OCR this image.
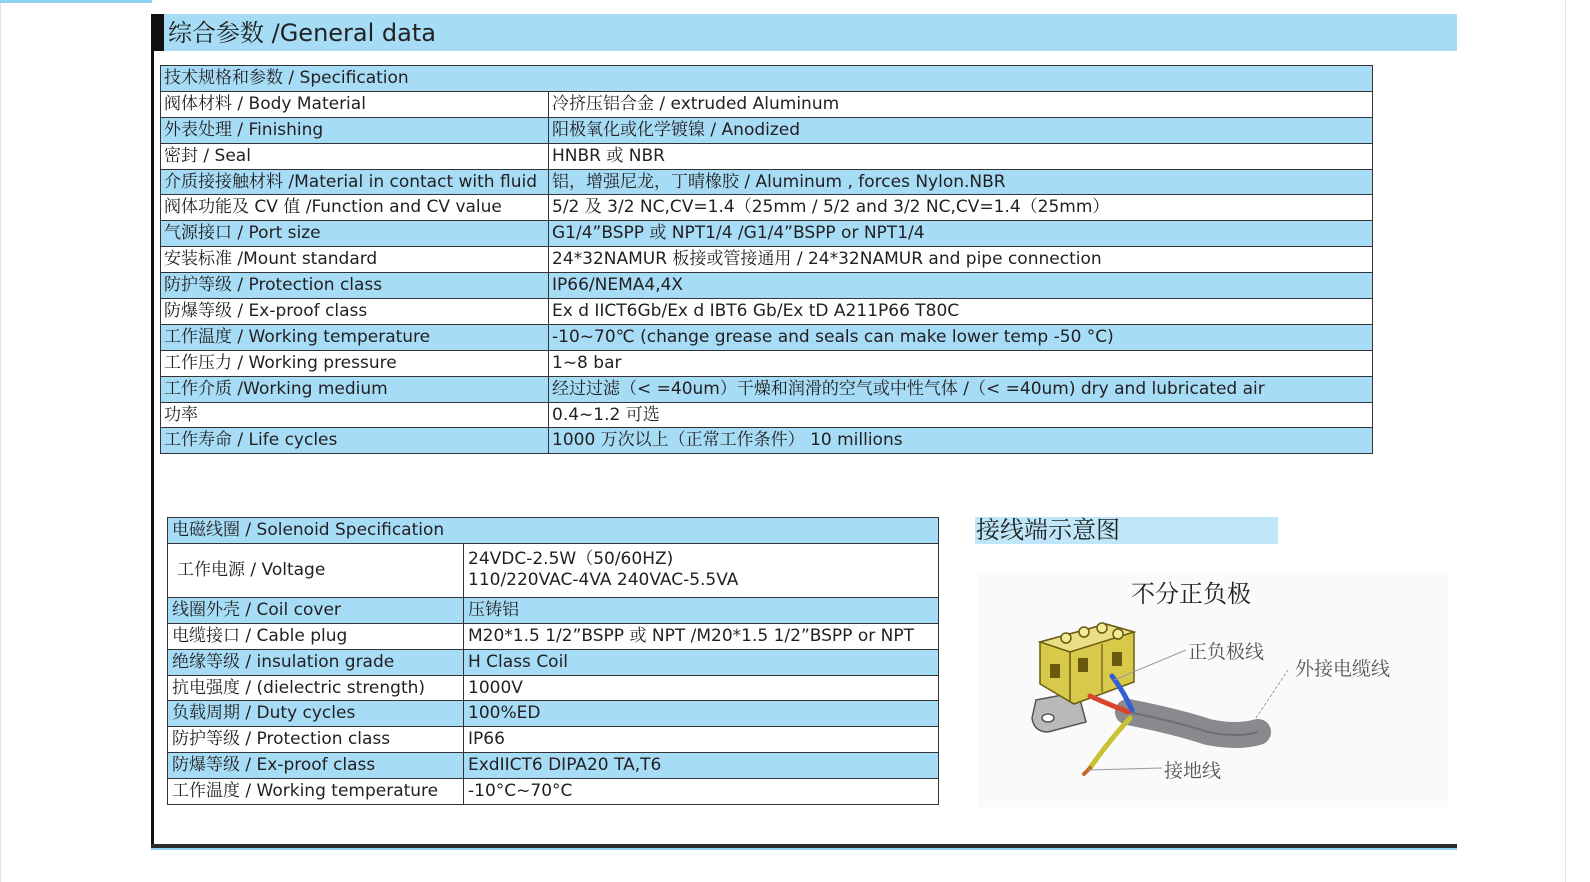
综合参数 /General data
技术规格和参数 / Specification	
阀体材料 / Body Material	冷挤压铝合金 / extruded Aluminum
外表处理 / Finishing	阳极氧化或化学镀镍 / Anodized
密封 / Seal	HNBR 或 NBR
介质接接触材料 /Material in contact with fluid	铝，增强尼龙，丁晴橡胶 / Aluminum , forces Nylon.NBR
阀体功能及 CV 值 /Function and CV value	5/2 及 3/2 NC,CV=1.4（25mm / 5/2 and 3/2 NC,CV=1.4（25mm）
气源接口 / Port size	G1/4”BSPP 或 NPT1/4 /G1/4”BSPP or NPT1/4
安装标准 /Mount standard	24*32NAMUR 板接或管接通用 / 24*32NAMUR and pipe connection
防护等级 / Protection class	IP66/NEMA4,4X
防爆等级 / Ex-proof class	Ex d IICT6Gb/Ex d IBT6 Gb/Ex tD A211P66 T80C
工作温度 / Working temperature	-10~70℃ (change grease and seals can make lower temp -50 °C)
工作压力 / Working pressure	1~8 bar
工作介质 /Working medium	经过过滤（< =40um）干燥和润滑的空气或中性气体 /（< =40um) dry and lubricated air
功率	0.4~1.2 可选
工作寿命 / Life cycles	1000 万次以上（正常工作条件） 10 millions
电磁线圈 / Solenoid Specification	
工作电源 / Voltage	24VDC-2.5W（50/60HZ)
110/220VAC-4VA 240VAC-5.5VA

线圈外壳 / Coil cover	压铸铝
电缆接口 / Cable plug	M20*1.5 1/2”BSPP 或 NPT /M20*1.5 1/2”BSPP or NPT
绝缘等级 / insulation grade	H Class Coil
抗电强度 / (dielectric strength)	1000V
负载周期 / Duty cycles	100%ED
防护等级 / Protection class	IP66
防爆等级 / Ex-proof class	ExdIICT6 DIPA20 TA,T6
工作温度 / Working temperature	-10°C~70°C
接线端示意图
不分正负极
正负极线
外接电缆线
接地线
